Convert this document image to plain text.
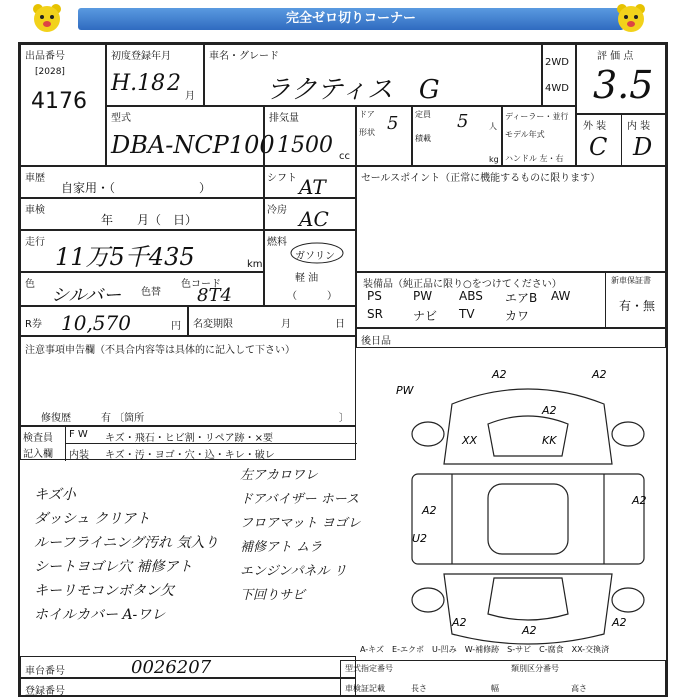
完全ゼロ切りコーナー
出品番号
[2028]
4176
初度登録年月
H.18 2
月
車名・グレード
ラクティス　G
2WD
4WD
評 価 点
3.5
型式
DBA-NCP100
排気量
1500 cc
ドア
形状 5 定員 5	人
積載
kg
ディーラー・並行
モデル年式
ハンドル 左・右
外 装 内 装
C D
車歴
自家用・（　　　　　　　）
車検
年　　月（　日）
走行
11万5千435	km
色
シルバー 色替
色コード
8T4
シフト AT
冷房 AC
燃料
ガソリン
軽 油
（　　　）
セールスポイント（正常に機能するものに限ります）
装備品（純正品に限り○をつけてください）	新車保証書
有・無
PS	PW ABS エアB AW
SR	ナビ TV	カワ
後日品
R券 10,570	円 名変期限	月	日
注意事項申告欄（不具合内容等は具体的に記入して下さい）
修復歴	有 〔箇所	〕
検査員
記入欄
F W キズ・飛石・ヒビ割・リペア跡・×要
内装 キズ・汚・ヨゴ・穴・込・キレ・破レ
キズ小
ダッシュ クリアト
ルーフライニング汚れ 気入り
シートヨゴレ穴 補修アト
キーリモコンボタン欠
ホイルカバー A-ワレ
左アカロワレ
ドアバイザー ホース
フロアマット ヨゴレ
補修アト ムラ
エンジンパネル リ
下回りサビ
A2	A2
A2
XX	KK
A2
U2
A2
A2
A2
A2
PW
A-キズ　E-エクボ　U-凹み　W-補修跡　S-サビ　C-腐食　XX-交換済
車台番号	0026207
登録番号
型式指定番号	類別区分番号
車検証記載	長さ	幅	高さ
